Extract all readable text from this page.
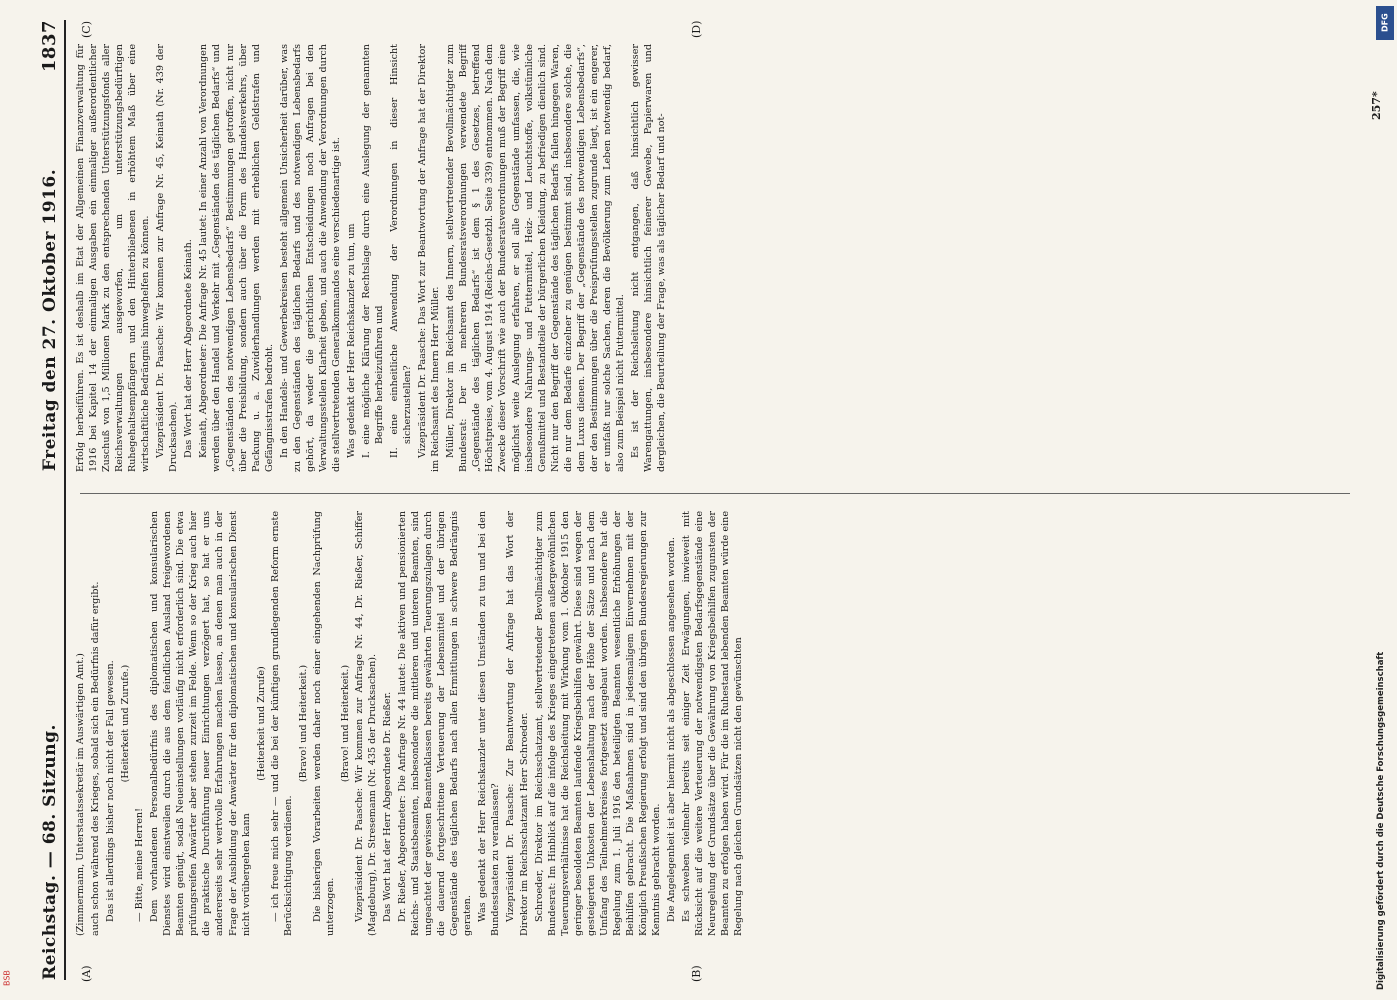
Reichstag. — 68. Sitzung.
Freitag den 27. Oktober 1916.
1837
(A)	(B)
(C)	(D)

(Zimmermann, Unterstaatssekretär im Auswärtigen Amt.) auch schon während des Krieges, sobald sich ein Bedürfnis dafür ergibt. Das ist allerdings bisher noch nicht der Fall gewesen. (Heiterkeit und Zurufe.)

— Bitte, meine Herren! Dem vorhandenen Personalbedürfnis des diplomatischen und konsularischen Dienstes wird einstweilen durch die aus dem feindlichen Ausland freigewordenen Beamten genügt, sodaß Neueinstellungen vorläufig nicht erforderlich sind. Die etwa prüfungsreifen Anwärter aber stehen zurzeit im Felde. Wenn so der Krieg auch hier die praktische Durchführung neuer Einrichtungen verzögert hat, so hat er uns andererseits sehr wertvolle Erfahrungen machen lassen, an denen man auch in der Frage der Ausbildung der Anwärter für den diplomatischen und konsularischen Dienst nicht vorübergehen kann

(Heiterkeit und Zurufe) — ich freue mich sehr — und die bei der künftigen grundlegenden Reform ernste Berücksichtigung verdienen.

(Bravo! und Heiterkeit.) Die bisherigen Vorarbeiten werden daher noch einer eingehenden Nachprüfung unterzogen.

(Bravo! und Heiterkeit.) Vizepräsident Dr. Paasche: Wir kommen zur Anfrage Nr. 44, Dr. Rießer, Schiffer (Magdeburg), Dr. Stresemann (Nr. 435 der Drucksachen). Das Wort hat der Herr Abgeordnete Dr. Rießer. Dr. Rießer, Abgeordneter: Die Anfrage Nr. 44 lautet: Die aktiven und pensionierten Reichs- und Staatsbeamten, insbesondere die mittleren und unteren Beamten, sind ungeachtet der gewissen Beamtenklassen bereits gewährten Teuerungszulagen durch die dauernd fortgeschrittene Verteuerung der Lebensmittel und der übrigen Gegenstände des täglichen Bedarfs nach allen Ermittlungen in schwere Bedrängnis geraten. Was gedenkt der Herr Reichskanzler unter diesen Umständen zu tun und bei den Bundesstaaten zu veranlassen? Vizepräsident Dr. Paasche: Zur Beantwortung der Anfrage hat das Wort der Direktor im Reichsschatzamt Herr Schroeder. Schroeder, Direktor im Reichsschatzamt, stellvertretender Bevollmächtigter zum Bundesrat: Im Hinblick auf die infolge des Krieges eingetretenen außergewöhnlichen Teuerungsverhältnisse hat die Reichsleitung mit Wirkung vom 1. Oktober 1915 den geringer besoldeten Beamten laufende Kriegsbeihilfen gewährt. Diese sind wegen der gesteigerten Unkosten der Lebenshaltung nach der Höhe der Sätze und nach dem Umfang des Teilnehmerkreises fortgesetzt ausgebaut worden. Insbesondere hat die Regelung zum 1. Juli 1916 den beteiligten Beamten wesentliche Erhöhungen der Beihilfen gebracht. Die Maßnahmen sind in jedesmaligem Einvernehmen mit der Königlich Preußischen Regierung erfolgt und sind den übrigen Bundesregierungen zur Kenntnis gebracht worden. Die Angelegenheit ist aber hiermit nicht als abgeschlossen angesehen worden. Es schweben vielmehr bereits seit einiger Zeit Erwägungen, inwieweit mit Rücksicht auf die weitere Verteuerung der notwendigsten Bedarfsgegenstände eine Neuregelung der Grundsätze über die Gewährung von Kriegsbeihilfen zugunsten der Beamten zu erfolgen haben wird. Für die im Ruhestand lebenden Beamten würde eine Regelung nach gleichen Grundsätzen nicht den gewünschten

Erfolg herbeiführen. Es ist deshalb im Etat der Allgemeinen Finanzverwaltung für 1916 bei Kapitel 14 der einmaligen Ausgaben ein einmaliger außerordentlicher Zuschuß von 1,5 Millionen Mark zu den entsprechenden Unterstützungsfonds aller Reichsverwaltungen ausgeworfen, um unterstützungsbedürftigen Ruhegehaltsempfängern und den Hinterbliebenen in erhöhtem Maß über eine wirtschaftliche Bedrängnis hinweghelfen zu können. Vizepräsident Dr. Paasche: Wir kommen zur Anfrage Nr. 45, Keinath (Nr. 439 der Drucksachen). Das Wort hat der Herr Abgeordnete Keinath. Keinath, Abgeordneter: Die Anfrage Nr. 45 lautet: In einer Anzahl von Verordnungen werden über den Handel und Verkehr mit „Gegenständen des täglichen Bedarfs“ und „Gegenständen des notwendigen Lebensbedarfs“ Bestimmungen getroffen, nicht nur über die Preisbildung, sondern auch über die Form des Handelsverkehrs, über Packung u. a. Zuwiderhandlungen werden mit erheblichen Geldstrafen und Gefängnisstrafen bedroht. In den Handels- und Gewerbekreisen besteht allgemein Unsicherheit darüber, was zu den Gegenständen des täglichen Bedarfs und des notwendigen Lebensbedarfs gehört, da weder die gerichtlichen Entscheidungen noch Anfragen bei den Verwaltungsstellen Klarheit geben, und auch die Anwendung der Verordnungen durch die stellvertretenden Generalkommandos eine verschiedenartige ist. Was gedenkt der Herr Reichskanzler zu tun, um I. eine mögliche Klärung der Rechtslage durch eine Auslegung der genannten Begriffe herbeizuführen und II. eine einheitliche Anwendung der Verordnungen in dieser Hinsicht sicherzustellen? Vizepräsident Dr. Paasche: Das Wort zur Beantwortung der Anfrage hat der Direktor im Reichsamt des Innern Herr Müller. Müller, Direktor im Reichsamt des Innern, stellvertretender Bevollmächtigter zum Bundesrat: Der in mehreren Bundesratsverordnungen verwendete Begriff „Gegenstände des täglichen Bedarfs“ ist dem § 1 des Gesetzes, betreffend Höchstpreise, vom 4. August 1914 (Reichs-Gesetzbl. Seite 339) entnommen. Nach dem Zwecke dieser Vorschrift wie auch der Bundesratsverordnungen muß der Begriff eine möglichst weite Auslegung erfahren, er soll alle Gegenstände umfassen, die, wie insbesondere Nahrungs- und Futtermittel, Heiz- und Leuchtstoffe, volkstümliche Genußmittel und Bestandteile der bürgerlichen Kleidung, zu befriedigen dienlich sind. Nicht nur den Begriff der Gegenstände des täglichen Bedarfs fallen hingegen Waren, die nur dem Bedarfe einzelner zu genügen bestimmt sind, insbesondere solche, die dem Luxus dienen. Der Begriff der „Gegenstände des notwendigen Lebensbedarfs“, der den Bestimmungen über die Preisprüfungsstellen zugrunde liegt, ist ein engerer, er umfaßt nur solche Sachen, deren die Bevölkerung zum Leben notwendig bedarf, also zum Beispiel nicht Futtermittel. Es ist der Reichsleitung nicht entgangen, daß hinsichtlich gewisser Warengattungen, insbesondere hinsichtlich feinerer Gewebe, Papierwaren und dergleichen, die Beurteilung der Frage, was als täglicher Bedarf und not-

257*
DFG
Digitalisierung gefördert durch die Deutsche Forschungsgemeinschaft
BSB
